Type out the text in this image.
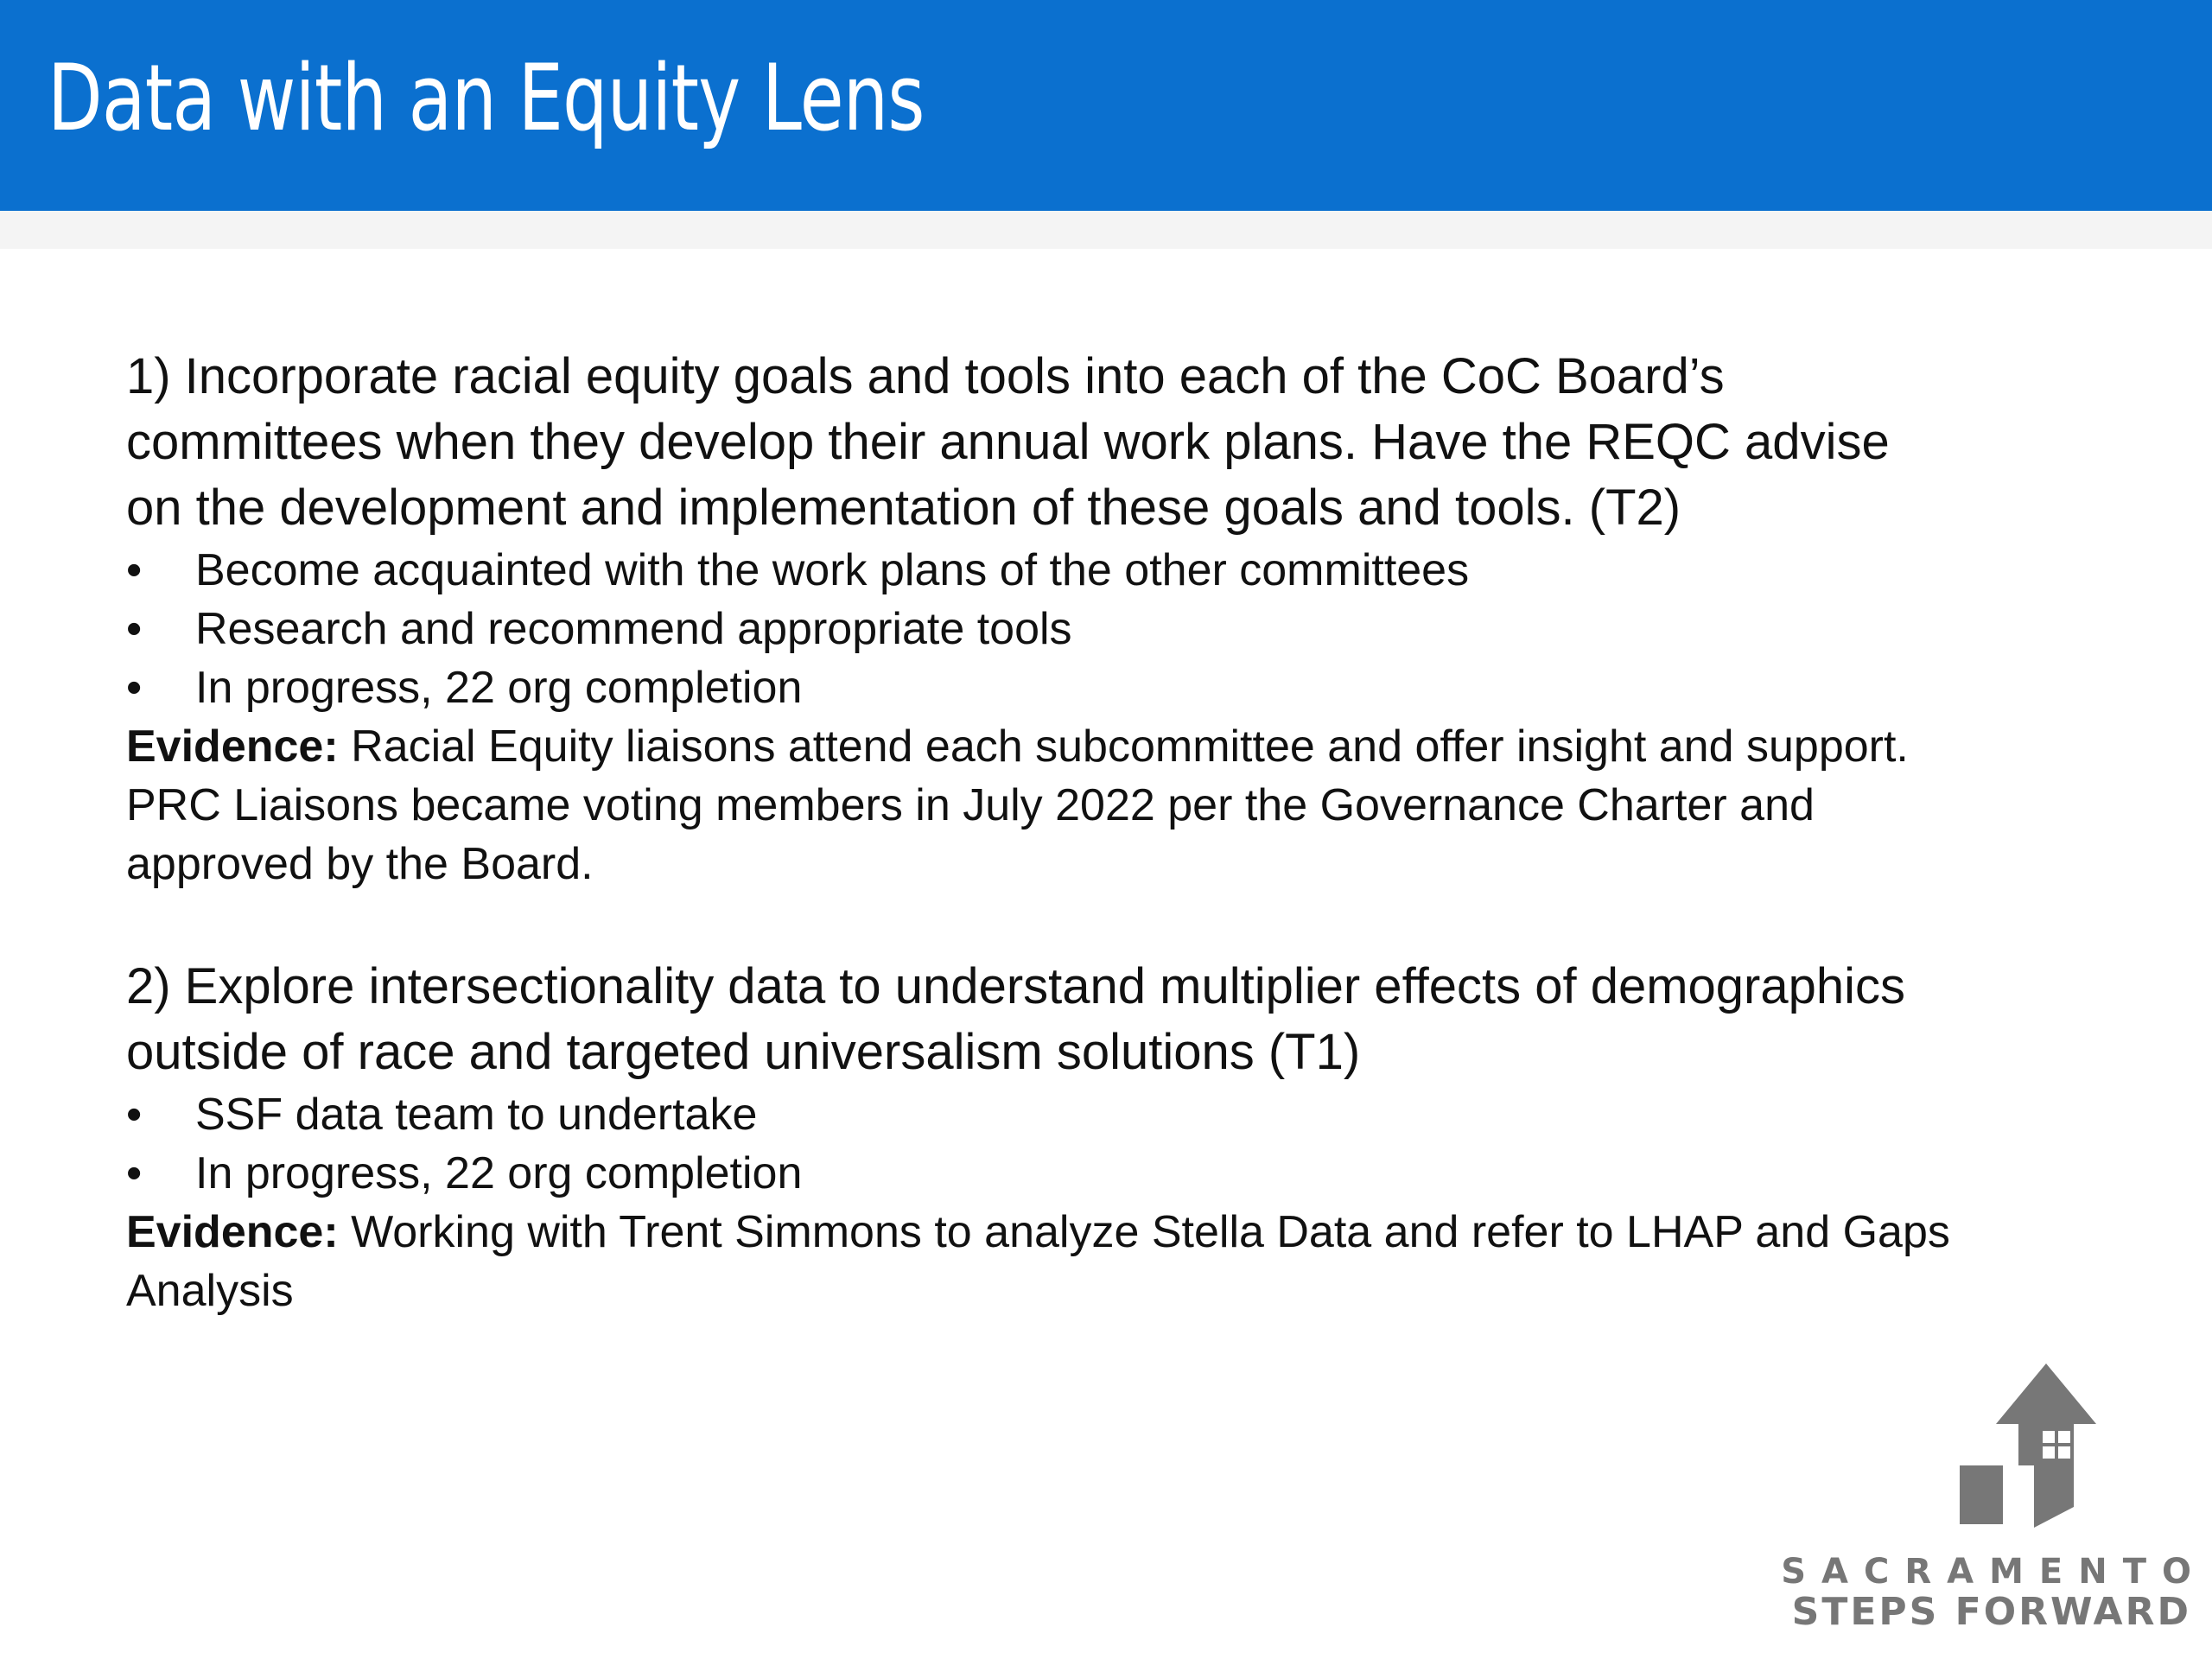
Data with an Equity Lens

1) Incorporate racial equity goals and tools into each of the CoC Board’s committees when they develop their annual work plans. Have the REQC advise on the development and implementation of these goals and tools. (T2)

• Become acquainted with the work plans of the other committees
• Research and recommend appropriate tools
• In progress, 22 org completion

Evidence: Racial Equity liaisons attend each subcommittee and offer insight and support. PRC Liaisons became voting members in July 2022 per the Governance Charter and approved by the Board.

2) Explore intersectionality data to understand multiplier effects of demographics outside of race and targeted universalism solutions (T1)

• SSF data team to undertake
• In progress, 22 org completion

Evidence: Working with Trent Simmons to analyze Stella Data and refer to LHAP and Gaps Analysis

SACRAMENTO
STEPS FORWARD
